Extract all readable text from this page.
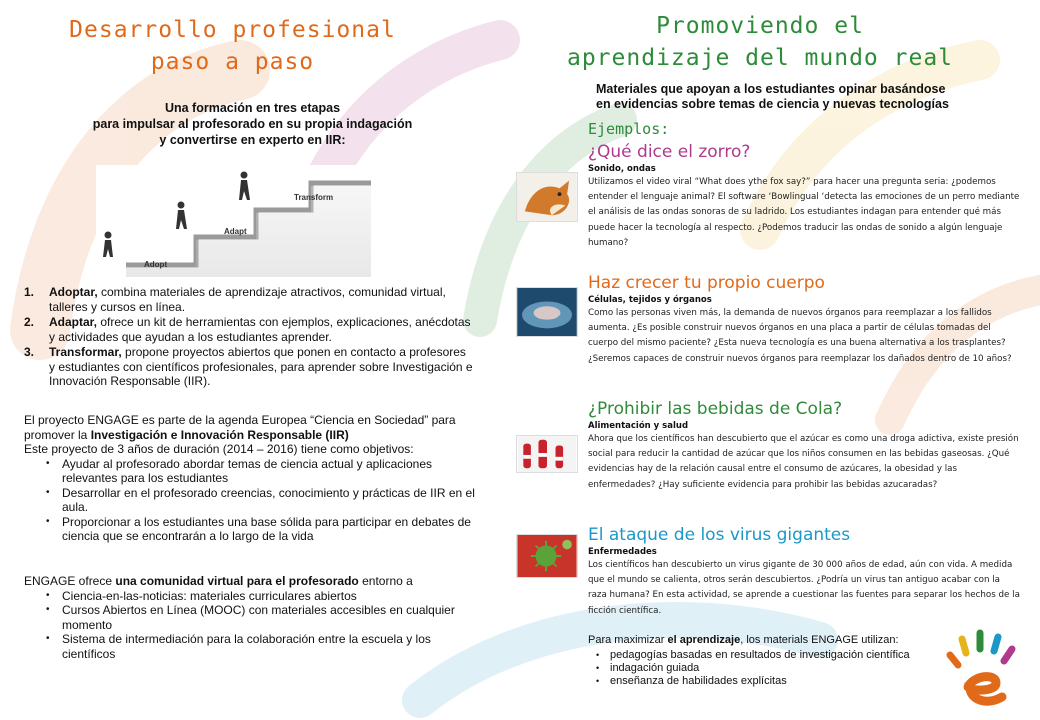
Desarrollo profesional
paso a paso
Una formación en tres etapas
para impulsar al profesorado en su propia indagación
y convertirse en experto en IIR:
Adopt
Adapt
Transform
1. Adoptar, combina materiales de aprendizaje atractivos, comunidad virtual, talleres y cursos en línea.
2. Adaptar, ofrece un kit de herramientas con ejemplos, explicaciones, anécdotas y actividades que ayudan a los estudiantes aprender.
3. Transformar, propone proyectos abiertos que ponen en contacto a profesores y estudiantes con científicos profesionales, para aprender sobre Investigación e Innovación Responsable (IIR).
El proyecto ENGAGE es parte de la agenda Europea “Ciencia en Sociedad” para promover la Investigación e Innovación Responsable (IIR)
Este proyecto de 3 años de duración (2014 – 2016) tiene como objetivos:
• Ayudar al profesorado abordar temas de ciencia actual y aplicaciones relevantes para los estudiantes
• Desarrollar en el profesorado creencias, conocimiento y prácticas de IIR en el aula.
• Proporcionar a los estudiantes una base sólida para participar en debates de ciencia que se encontrarán a lo largo de la vida
ENGAGE ofrece una comunidad virtual para el profesorado entorno a
• Ciencia-en-las-noticias: materiales curriculares abiertos
• Cursos Abiertos en Línea (MOOC) con materiales accesibles en cualquier momento
• Sistema de intermediación para la colaboración entre la escuela y los científicos
Promoviendo el
aprendizaje del mundo real
Materiales que apoyan a los estudiantes opinar basándose
en evidencias sobre temas de ciencia y nuevas tecnologías
Ejemplos:
¿Qué dice el zorro?
Sonido, ondas

Utilizamos el video viral “What does ythe fox say?” para hacer una pregunta seria: ¿podemos entender el lenguaje animal? El software ‘Bowlingual ‘detecta las emociones de un perro mediante el análisis de las ondas sonoras de su ladrido. Los estudiantes indagan para entender qué más puede hacer la tecnología al respecto. ¿Podemos traducir las ondas de sonido a algún lenguaje humano?

Haz crecer tu propio cuerpo
Células, tejidos y órganos

Como las personas viven más, la demanda de nuevos órganos para reemplazar a los fallidos aumenta. ¿Es posible construir nuevos órganos en una placa a partir de células tomadas del cuerpo del mismo paciente? ¿Esta nueva tecnología es una buena alternativa a los trasplantes? ¿Seremos capaces de construir nuevos órganos para reemplazar los dañados dentro de 10 años?

¿Prohibir las bebidas de Cola?
Alimentación y salud

Ahora que los científicos han descubierto que el azúcar es como una droga adictiva, existe presión social para reducir la cantidad de azúcar que los niños consumen en las bebidas gaseosas. ¿Qué evidencias hay de la relación causal entre el consumo de azúcares, la obesidad y las enfermedades? ¿Hay suficiente evidencia para prohibir las bebidas azucaradas?

El ataque de los virus gigantes
Enfermedades

Los científicos han descubierto un virus gigante de 30 000 años de edad, aún con vida. A medida que el mundo se calienta, otros serán descubiertos. ¿Podría un virus tan antiguo acabar con la raza humana? En esta actividad, se aprende a cuestionar las fuentes para separar los hechos de la ficción científica.

Para maximizar el aprendizaje, los materials ENGAGE utilizan:
• pedagogías basadas en resultados de investigación científica
• indagación guiada
• enseñanza de habilidades explícitas
